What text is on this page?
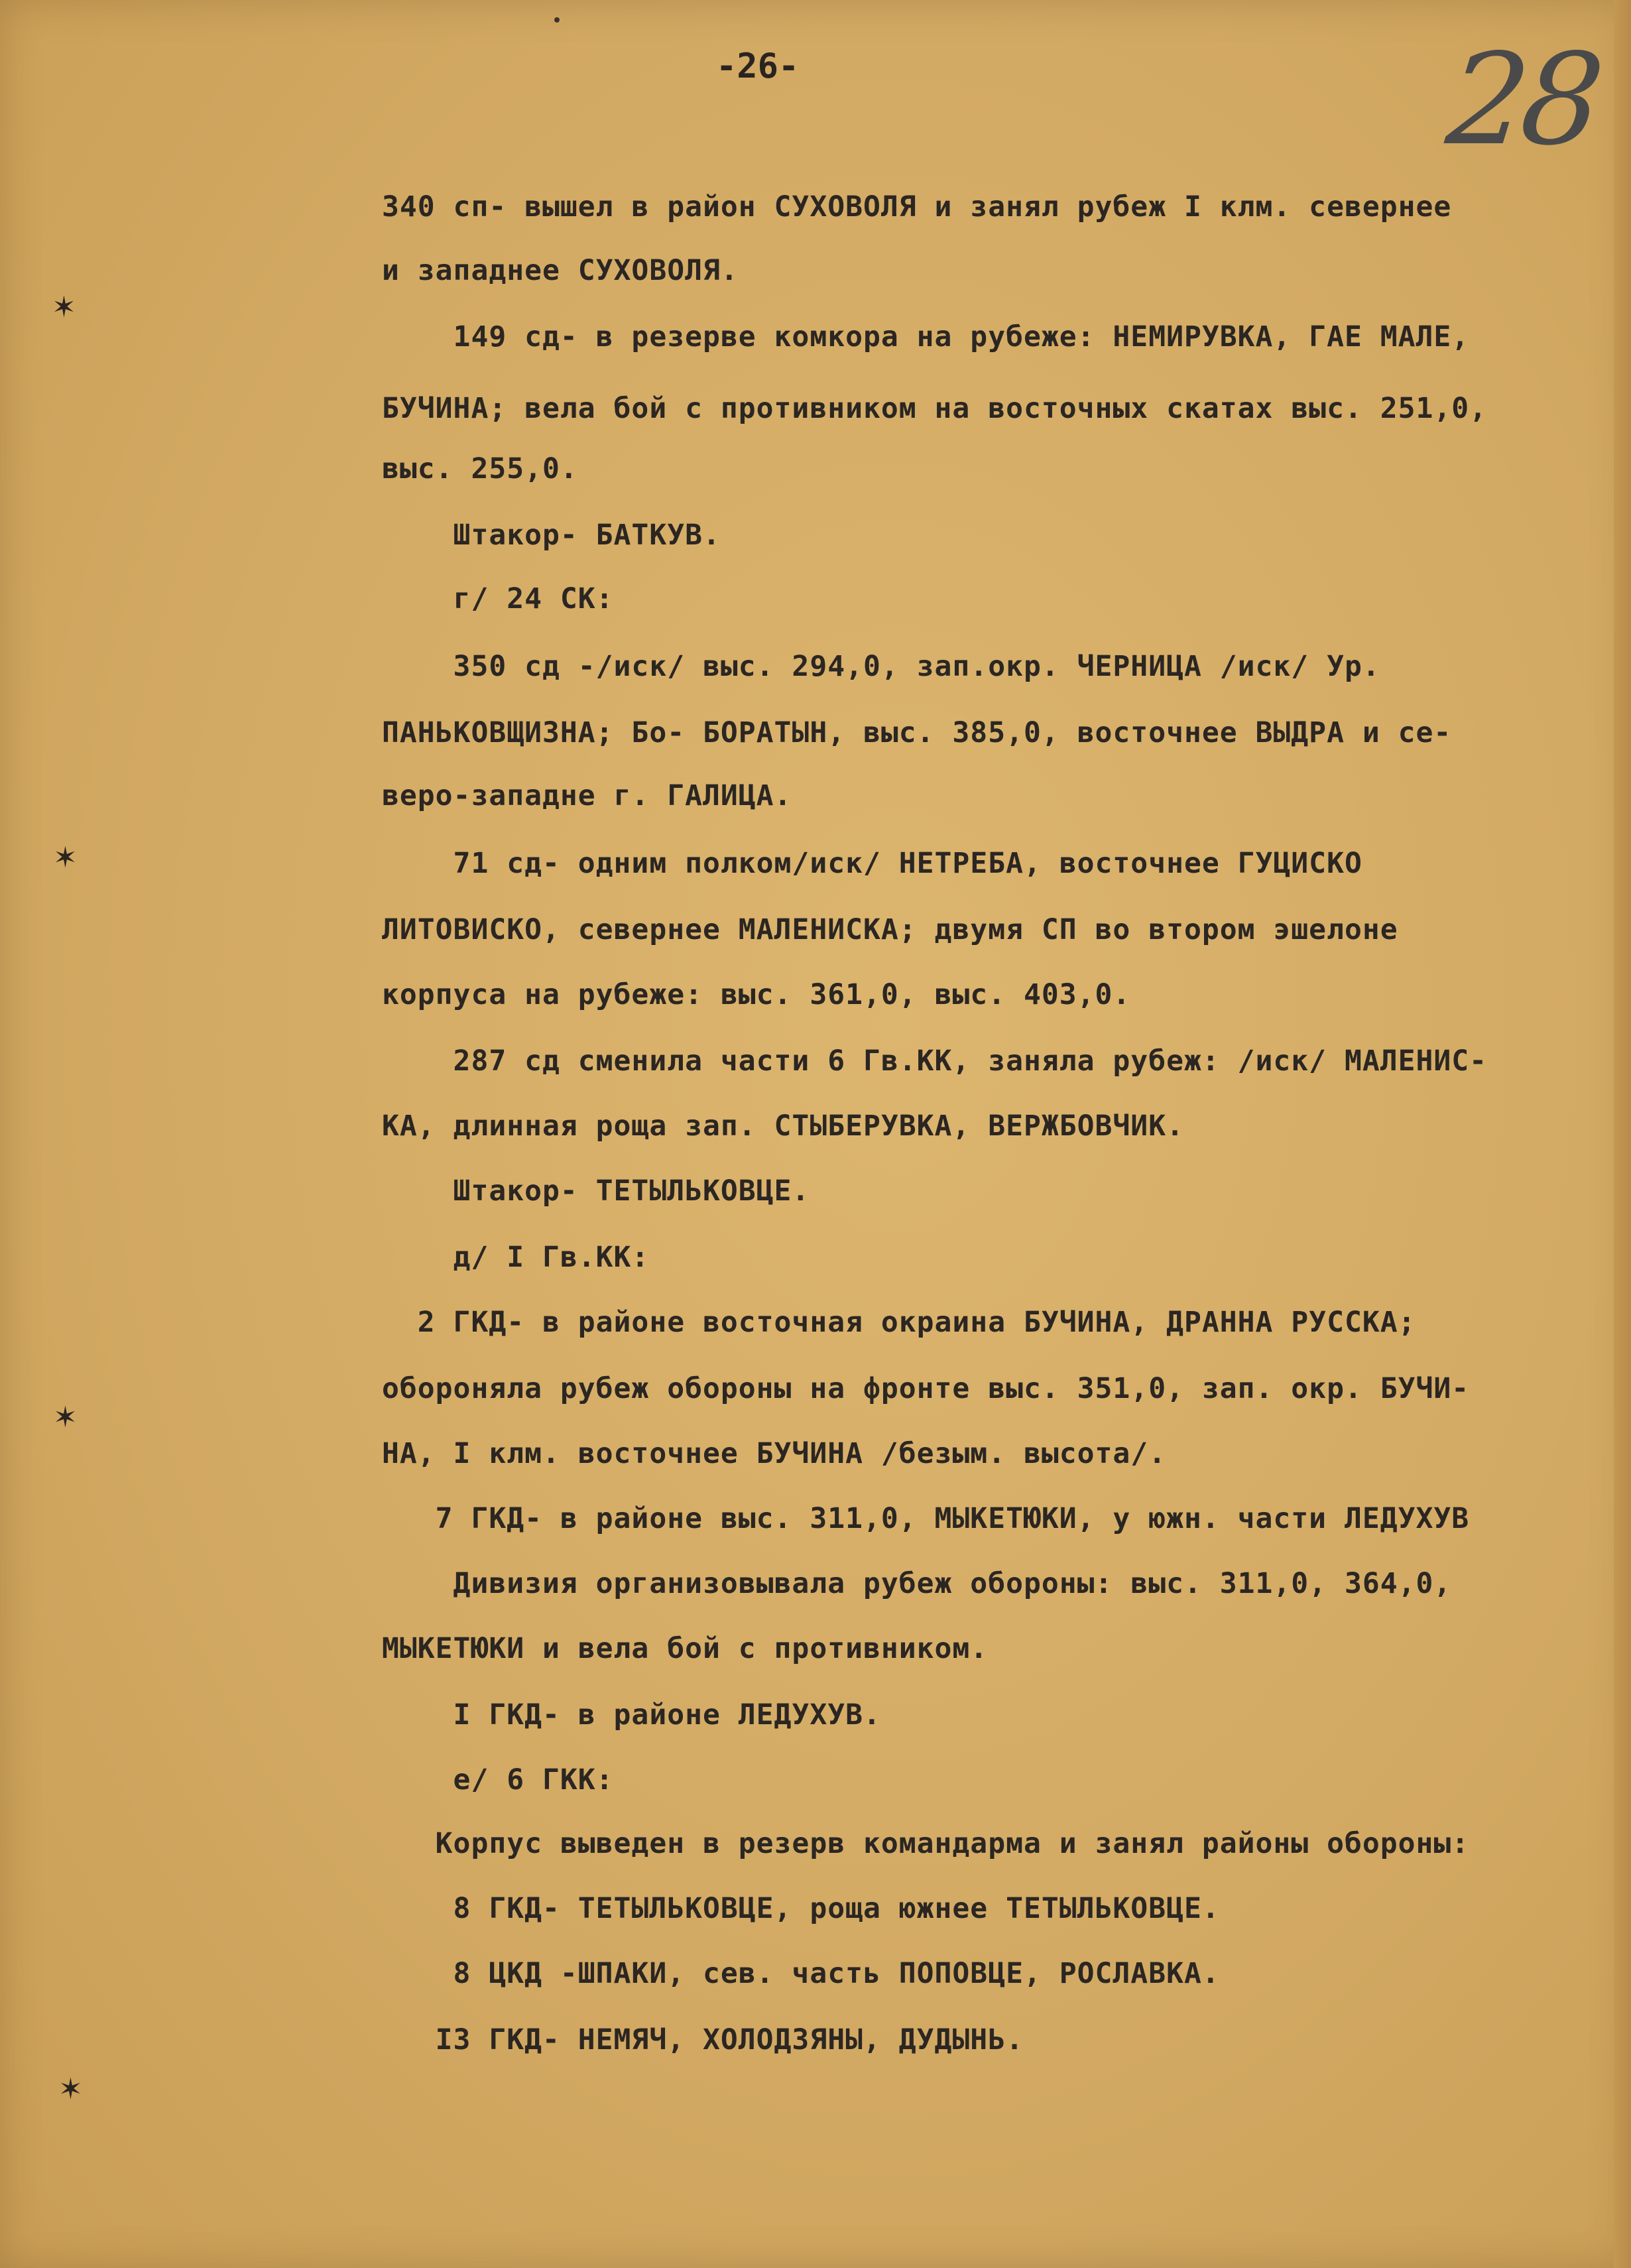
-26-	28
✶
✶
✶
✶
340 сп- вышел в район СУХОВОЛЯ и занял рубеж I клм. севернее
и западнее СУХОВОЛЯ.
149 сд- в резерве комкора на рубеже: НЕМИРУВКА, ГАЕ МАЛЕ,
БУЧИНА; вела бой с противником на восточных скатах выс. 251,0,
выс. 255,0.
Штакор- БАТКУВ.
г/ 24 СК:
350 сд -/иск/ выс. 294,0, зап.окр. ЧЕРНИЦА /иск/ Ур.
ПАНЬКОВЩИЗНА; Бо- БОРАТЫН, выс. 385,0, восточнее ВЫДРА и се-
веро-западне г. ГАЛИЦА.
71 сд- одним полком/иск/ НЕТРЕБА, восточнее ГУЦИСКО
ЛИТОВИСКО, севернее МАЛЕНИСКА; двумя СП во втором эшелоне
корпуса на рубеже: выс. 361,0, выс. 403,0.
287 сд сменила части 6 Гв.КК, заняла рубеж: /иск/ МАЛЕНИС-
КА, длинная роща зап. СТЫБЕРУВКА, ВЕРЖБОВЧИК.
Штакор- ТЕТЫЛЬКОВЦЕ.
д/ I Гв.КК:
2 ГКД- в районе восточная окраина БУЧИНА, ДРАННА РУССКА;
обороняла рубеж обороны на фронте выс. 351,0, зап. окр. БУЧИ-
НА, I клм. восточнее БУЧИНА /безым. высота/.
7 ГКД- в районе выс. 311,0, МЫКЕТЮКИ, у южн. части ЛЕДУХУВ
Дивизия организовывала рубеж обороны: выс. 311,0, 364,0,
МЫКЕТЮКИ и вела бой с противником.
I ГКД- в районе ЛЕДУХУВ.
е/ 6 ГКК:
Корпус выведен в резерв командарма и занял районы обороны:
8 ГКД- ТЕТЫЛЬКОВЦЕ, роща южнее ТЕТЫЛЬКОВЦЕ.
8 ЦКД -ШПАКИ, сев. часть ПОПОВЦЕ, РОСЛАВКА.
I3 ГКД- НЕМЯЧ, ХОЛОДЗЯНЫ, ДУДЫНЬ.
